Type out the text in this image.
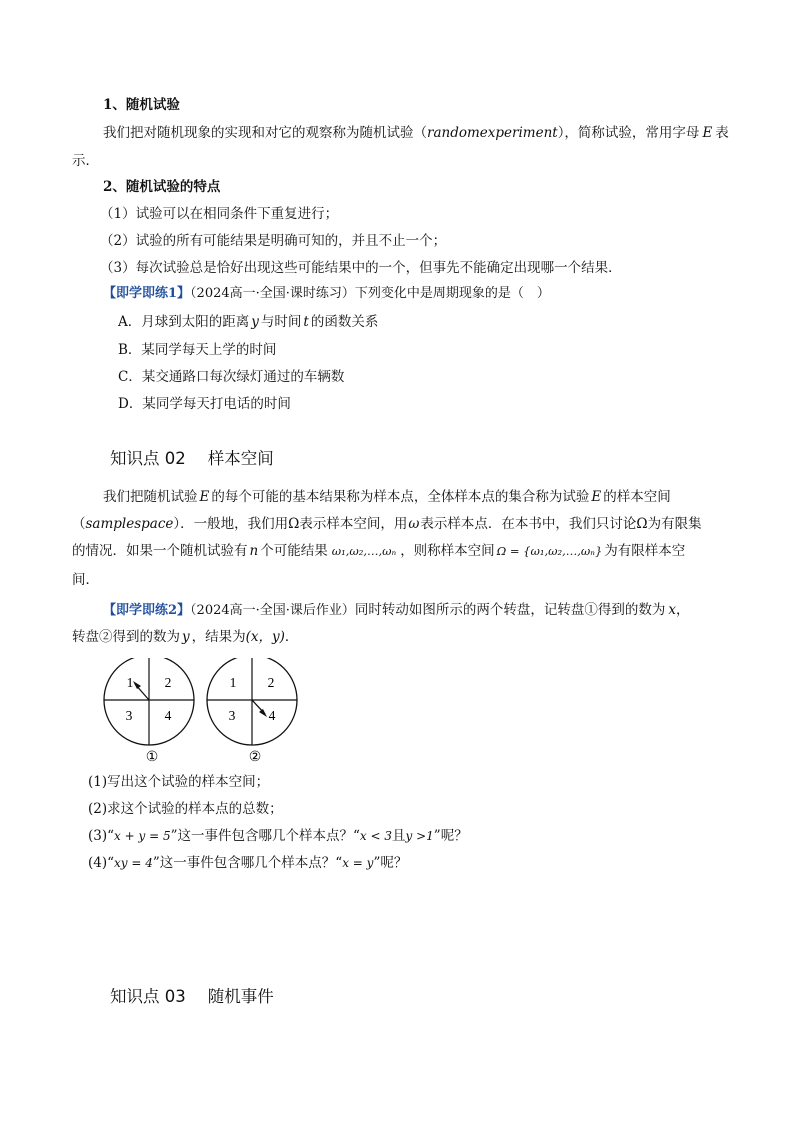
1、随机试验
我们把对随机现象的实现和对它的观察称为随机试验（randomexperiment），简称试验，常用字母 E 表
示．
2、随机试验的特点
（1）试验可以在相同条件下重复进行；
（2）试验的所有可能结果是明确可知的，并且不止一个；
（3）每次试验总是恰好出现这些可能结果中的一个，但事先不能确定出现哪一个结果．
【即学即练1】（2024高一·全国·课时练习）下列变化中是周期现象的是（　）
A．月球到太阳的距离 y 与时间 t 的函数关系
B．某同学每天上学的时间
C．某交通路口每次绿灯通过的车辆数
D．某同学每天打电话的时间
知识点 02 样本空间
我们把随机试验 E 的每个可能的基本结果称为样本点，全体样本点的集合称为试验 E 的样本空间
（samplespace）．一般地，我们用Ω表示样本空间，用ω表示样本点．在本书中，我们只讨论Ω为有限集
的情况．如果一个随机试验有 n 个可能结果 ω₁,ω₂,…,ωₙ ，则称样本空间 Ω = {ω₁,ω₂,…,ωₙ} 为有限样本空
间．
【即学即练2】（2024高一·全国·课后作业）同时转动如图所示的两个转盘，记转盘①得到的数为 x，
转盘②得到的数为 y ，结果为(x，y)．
1 2
3 4
1 2
3 4
①	②
(1)写出这个试验的样本空间；
(2)求这个试验的样本点的总数；
(3)“x + y = 5”这一事件包含哪几个样本点？“x < 3且y >1”呢？
(4)“xy = 4”这一事件包含哪几个样本点？“x = y”呢？
知识点 03 随机事件
